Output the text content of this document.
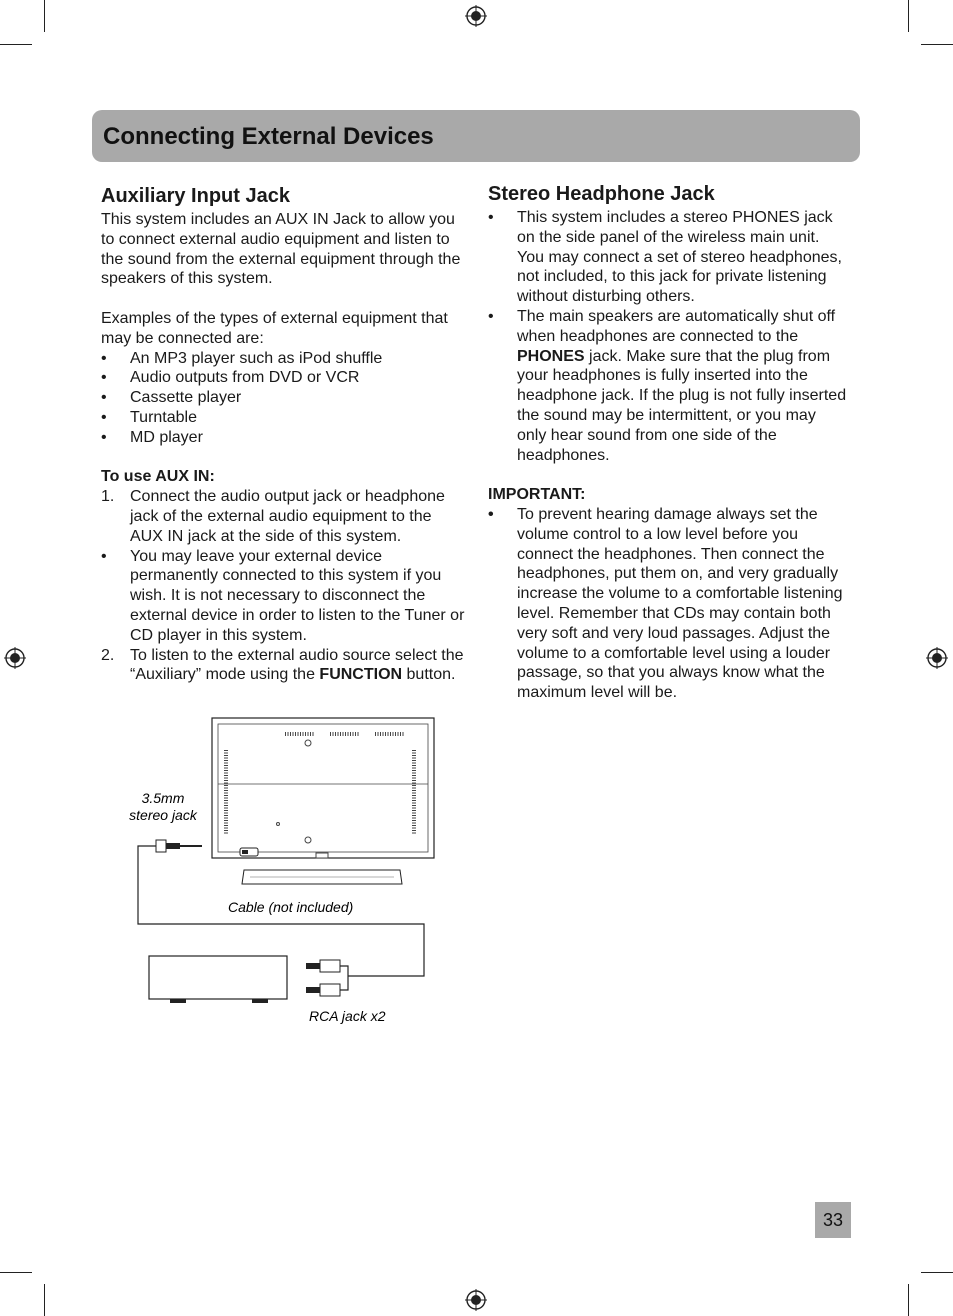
Connecting External Devices
Auxiliary Input Jack

This system includes an AUX IN Jack to allow you to connect external audio equipment and listen to the sound from the external equipment through the speakers of this system.

Examples of the types of external equipment that may be connected are:

• An MP3 player such as iPod shuffle
• Audio outputs from DVD or VCR
• Cassette player
• Turntable
• MD player

To use AUX IN:

1. Connect the audio output jack or headphone jack of the external audio equipment to the AUX IN jack at the side of this system.
• You may leave your external device permanently connected to this system if you wish. It is not necessary to disconnect the external device in order to listen to the Tuner or CD player in this system.
2. To listen to the external audio source select the “Auxiliary” mode using the FUNCTION button.
3.5mm
stereo jack
Cable (not included)
RCA jack x2
Stereo Headphone Jack
• This system includes a stereo PHONES jack on the side panel of the wireless main unit. You may connect a set of stereo headphones, not included, to this jack for private listening without disturbing others.
• The main speakers are automatically shut off when headphones are connected to the PHONES jack. Make sure that the plug from your headphones is fully inserted into the headphone jack. If the plug is not fully inserted the sound may be intermittent, or you may only hear sound from one side of the headphones.

IMPORTANT:

• To prevent hearing damage always set the volume control to a low level before you connect the headphones. Then connect the headphones, put them on, and very gradually increase the volume to a comfortable listening level. Remember that CDs may contain both very soft and very loud passages. Adjust the volume to a comfortable level using a louder passage, so that you always know what the maximum level will be.
33
